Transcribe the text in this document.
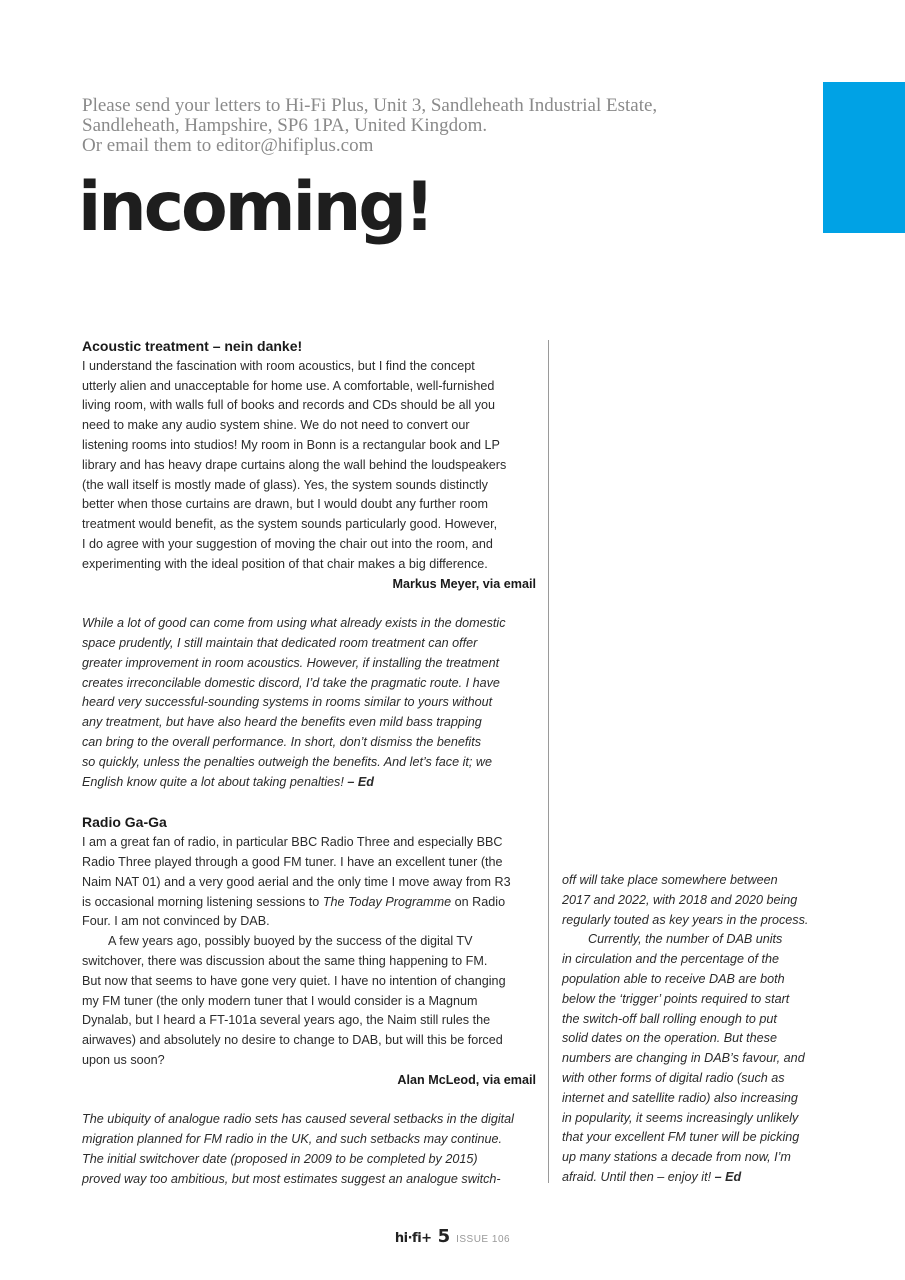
Please send your letters to Hi-Fi Plus, Unit 3, Sandleheath Industrial Estate,
Sandleheath, Hampshire, SP6 1PA, United Kingdom.
Or email them to editor@hifiplus.com
incoming!

Acoustic treatment – nein danke!

I understand the fascination with room acoustics, but I find the concept

utterly alien and unacceptable for home use. A comfortable, well-furnished

living room, with walls full of books and records and CDs should be all you

need to make any audio system shine. We do not need to convert our

listening rooms into studios! My room in Bonn is a rectangular book and LP

library and has heavy drape curtains along the wall behind the loudspeakers

(the wall itself is mostly made of glass). Yes, the system sounds distinctly

better when those curtains are drawn, but I would doubt any further room

treatment would benefit, as the system sounds particularly good. However,

I do agree with your suggestion of moving the chair out into the room, and

experimenting with the ideal position of that chair makes a big difference.

Markus Meyer, via email

While a lot of good can come from using what already exists in the domestic

space prudently, I still maintain that dedicated room treatment can offer

greater improvement in room acoustics. However, if installing the treatment

creates irreconcilable domestic discord, I’d take the pragmatic route. I have

heard very successful-sounding systems in rooms similar to yours without

any treatment, but have also heard the benefits even mild bass trapping

can bring to the overall performance. In short, don’t dismiss the benefits

so quickly, unless the penalties outweigh the benefits. And let’s face it; we

English know quite a lot about taking penalties! – Ed

Radio Ga-Ga

I am a great fan of radio, in particular BBC Radio Three and especially BBC

Radio Three played through a good FM tuner. I have an excellent tuner (the

Naim NAT 01) and a very good aerial and the only time I move away from R3

is occasional morning listening sessions to The Today Programme on Radio

Four. I am not convinced by DAB.

A few years ago, possibly buoyed by the success of the digital TV

switchover, there was discussion about the same thing happening to FM.

But now that seems to have gone very quiet. I have no intention of changing

my FM tuner (the only modern tuner that I would consider is a Magnum

Dynalab, but I heard a FT-101a several years ago, the Naim still rules the

airwaves) and absolutely no desire to change to DAB, but will this be forced

upon us soon?

Alan McLeod, via email

The ubiquity of analogue radio sets has caused several setbacks in the digital

migration planned for FM radio in the UK, and such setbacks may continue.

The initial switchover date (proposed in 2009 to be completed by 2015)

proved way too ambitious, but most estimates suggest an analogue switch-

off will take place somewhere between

2017 and 2022, with 2018 and 2020 being

regularly touted as key years in the process.

Currently, the number of DAB units

in circulation and the percentage of the

population able to receive DAB are both

below the ‘trigger’ points required to start

the switch-off ball rolling enough to put

solid dates on the operation. But these

numbers are changing in DAB’s favour, and

with other forms of digital radio (such as

internet and satellite radio) also increasing

in popularity, it seems increasingly unlikely

that your excellent FM tuner will be picking

up many stations a decade from now, I’m

afraid. Until then – enjoy it! – Ed

hi·fi+ 5 ISSUE 106
